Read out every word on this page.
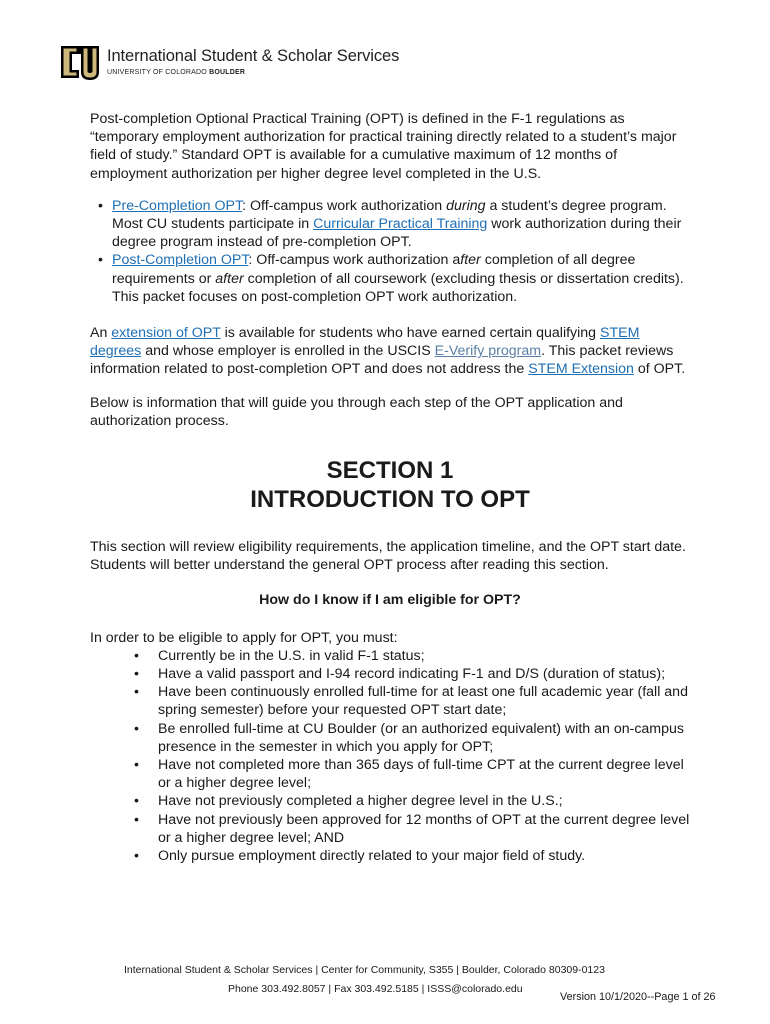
International Student & Scholar Services
UNIVERSITY OF COLORADO BOULDER

Post-completion Optional Practical Training (OPT) is defined in the F-1 regulations as “temporary employment authorization for practical training directly related to a student’s major field of study.” Standard OPT is available for a cumulative maximum of 12 months of employment authorization per higher degree level completed in the U.S.

• Pre-Completion OPT: Off-campus work authorization during a student’s degree program. Most CU students participate in Curricular Practical Training work authorization during their degree program instead of pre-completion OPT.
• Post-Completion OPT: Off-campus work authorization after completion of all degree requirements or after completion of all coursework (excluding thesis or dissertation credits). This packet focuses on post-completion OPT work authorization.

An extension of OPT is available for students who have earned certain qualifying STEM degrees and whose employer is enrolled in the USCIS E-Verify program. This packet reviews information related to post-completion OPT and does not address the STEM Extension of OPT.

Below is information that will guide you through each step of the OPT application and authorization process.

SECTION 1
INTRODUCTION TO OPT

This section will review eligibility requirements, the application timeline, and the OPT start date. Students will better understand the general OPT process after reading this section.

How do I know if I am eligible for OPT?

In order to be eligible to apply for OPT, you must:

• Currently be in the U.S. in valid F-1 status;
• Have a valid passport and I-94 record indicating F-1 and D/S (duration of status);
• Have been continuously enrolled full-time for at least one full academic year (fall and spring semester) before your requested OPT start date;
• Be enrolled full-time at CU Boulder (or an authorized equivalent) with an on-campus presence in the semester in which you apply for OPT;
• Have not completed more than 365 days of full-time CPT at the current degree level or a higher degree level;
• Have not previously completed a higher degree level in the U.S.;
• Have not previously been approved for 12 months of OPT at the current degree level or a higher degree level; AND
• Only pursue employment directly related to your major field of study.
International Student & Scholar Services | Center for Community, S355 | Boulder, Colorado 80309-0123
Phone 303.492.8057 | Fax 303.492.5185 | ISSS@colorado.edu
Version 10/1/2020--Page 1 of 26
